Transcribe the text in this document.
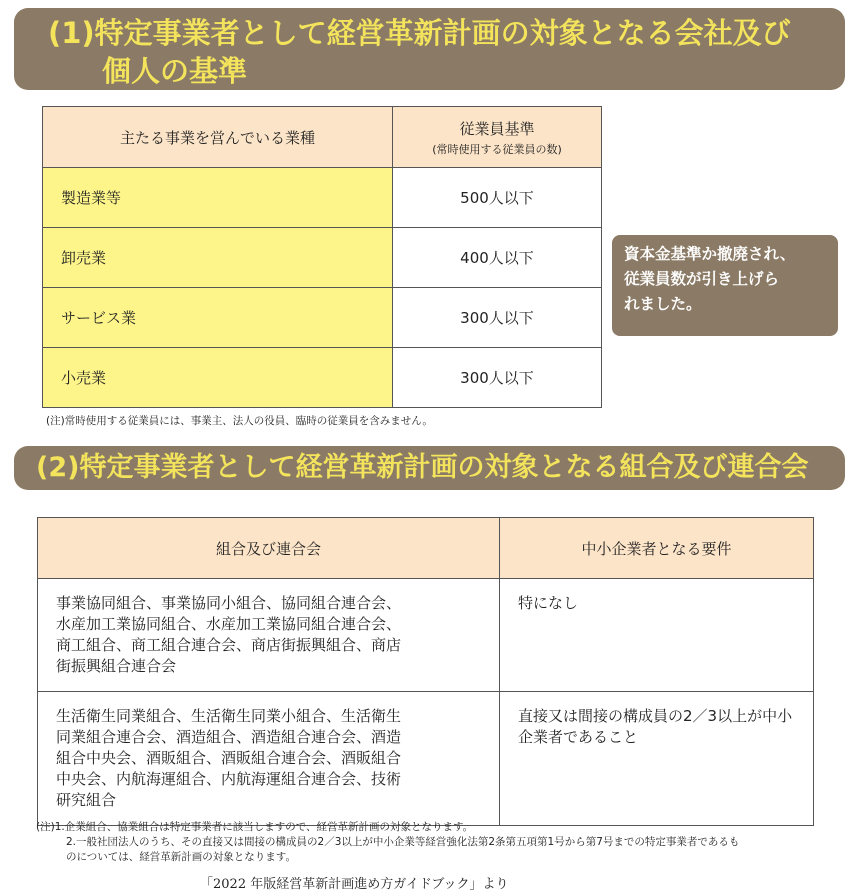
(1)特定事業者として経営革新計画の対象となる会社及び

個人の基準
主たる事業を営んでいる業種	従業員基準
(常時使用する従業員の数)

製造業等	500人以下
卸売業	400人以下
サービス業	300人以下
小売業	300人以下
(注)常時使用する従業員には、事業主、法人の役員、臨時の従業員を含みません。
資本金基準か撤廃され、
従業員数が引き上げら
れました。
(2)特定事業者として経営革新計画の対象となる組合及び連合会
組合及び連合会	中小企業者となる要件
事業協同組合、事業協同小組合、協同組合連合会、
水産加工業協同組合、水産加工業協同組合連合会、
商工組合、商工組合連合会、商店街振興組合、商店
街振興組合連合会	特になし
生活衛生同業組合、生活衛生同業小組合、生活衛生
同業組合連合会、酒造組合、酒造組合連合会、酒造
組合中央会、酒販組合、酒販組合連合会、酒販組合
中央会、内航海運組合、内航海運組合連合会、技術
研究組合	直接又は間接の構成員の2／3以上が中小
企業者であること
(注)1.企業組合、協業組合は特定事業者に該当しますので、経営革新計画の対象となります。

2.一般社団法人のうち、その直接又は間接の構成員の2／3以上が中小企業等経営強化法第2条第五項第1号から第7号までの特定事業者であるも
のについては、経営革新計画の対象となります。
「2022 年版経営革新計画進め方ガイドブック」より
